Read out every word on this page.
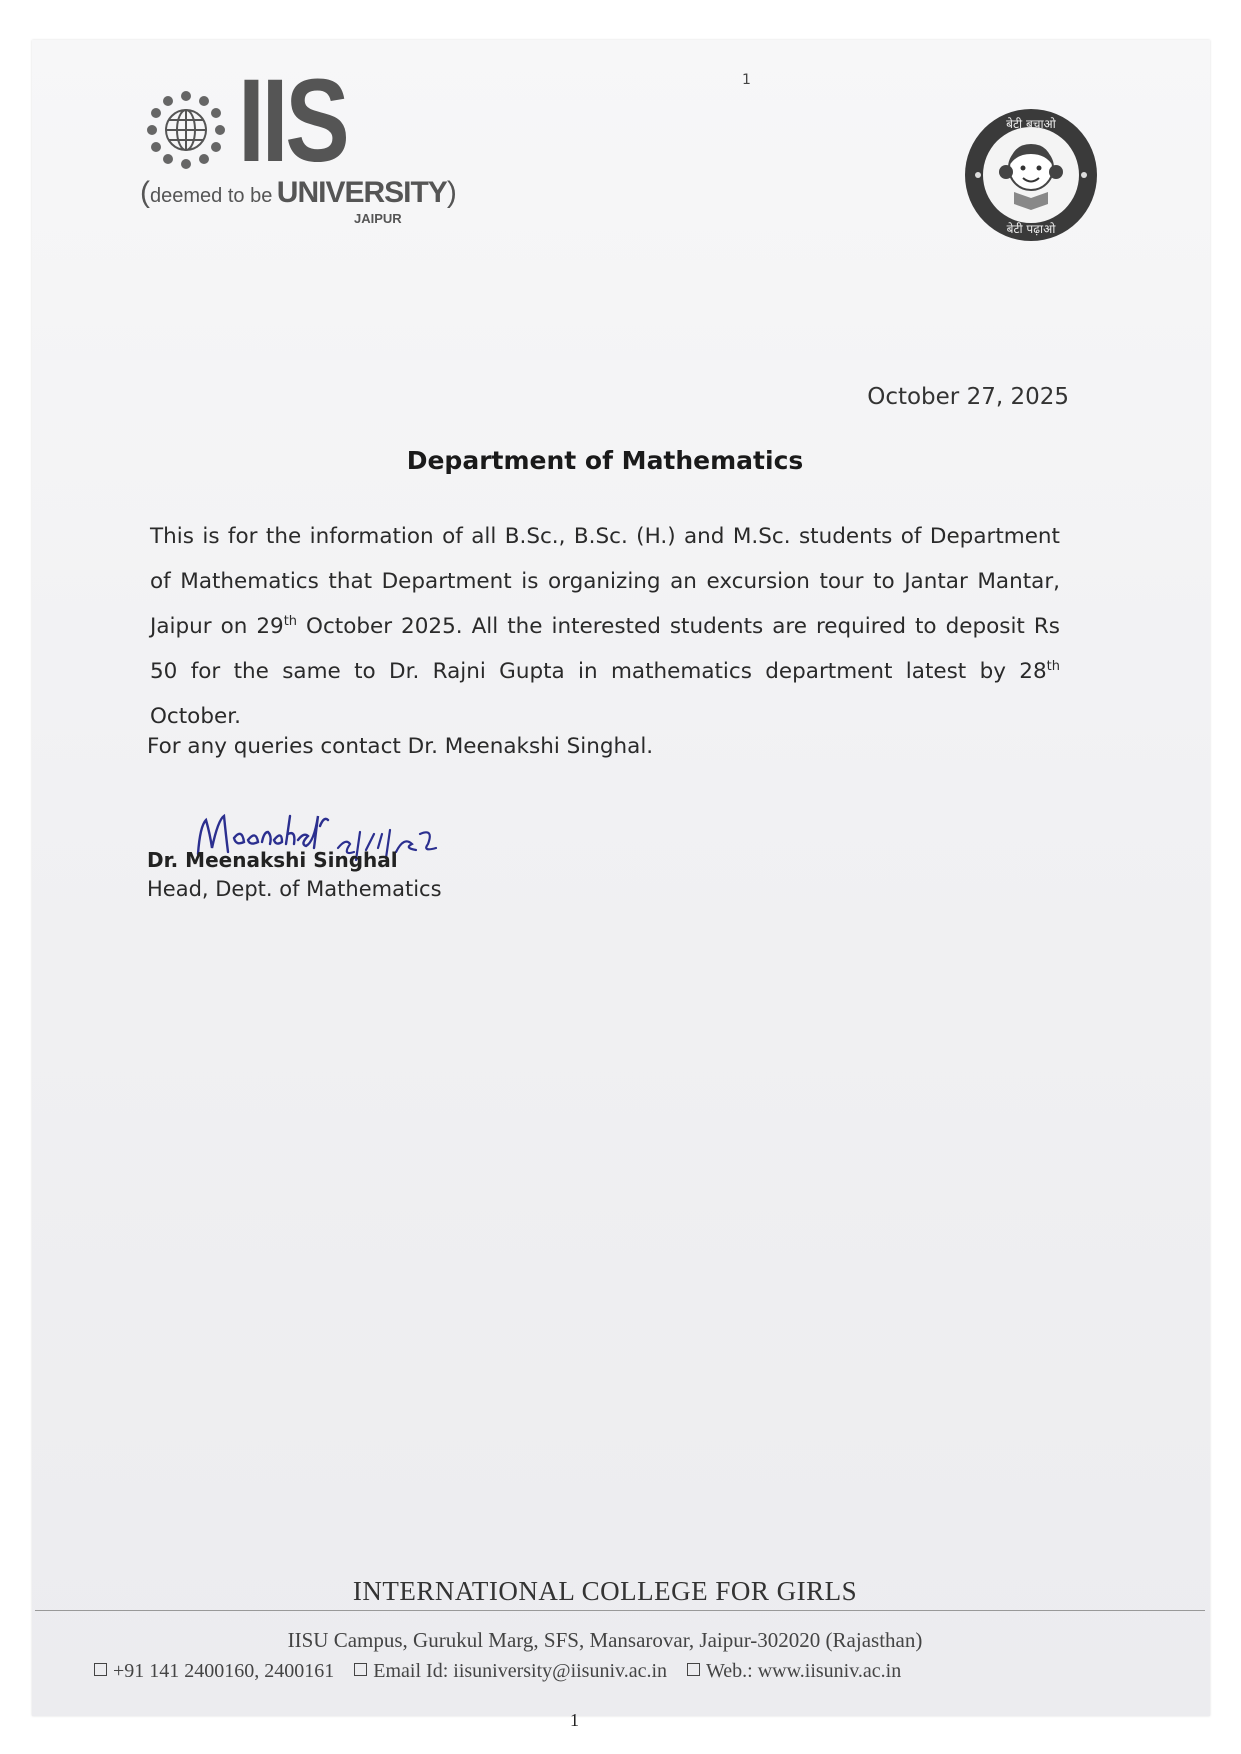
1
IIS
(deemed to be UNIVERSITY)
JAIPUR
बेटी बचाओ
बेटी पढ़ाओ
October 27, 2025
Department of Mathematics
This is for the information of all B.Sc., B.Sc. (H.) and M.Sc. students of Department of Mathematics that Department is organizing an excursion tour to Jantar Mantar, Jaipur on 29th October 2025. All the interested students are required to deposit Rs 50 for the same to Dr. Rajni Gupta in mathematics department latest by 28th October.
For any queries contact Dr. Meenakshi Singhal.
Meenakshi 27/10/25
Dr. Meenakshi Singhal
Head, Dept. of Mathematics
INTERNATIONAL COLLEGE FOR GIRLS
IISU Campus, Gurukul Marg, SFS, Mansarovar, Jaipur-302020 (Rajasthan)
+91 141 2400160, 2400161 Email Id: iisuniversity@iisuniv.ac.in Web.: www.iisuniv.ac.in
1
